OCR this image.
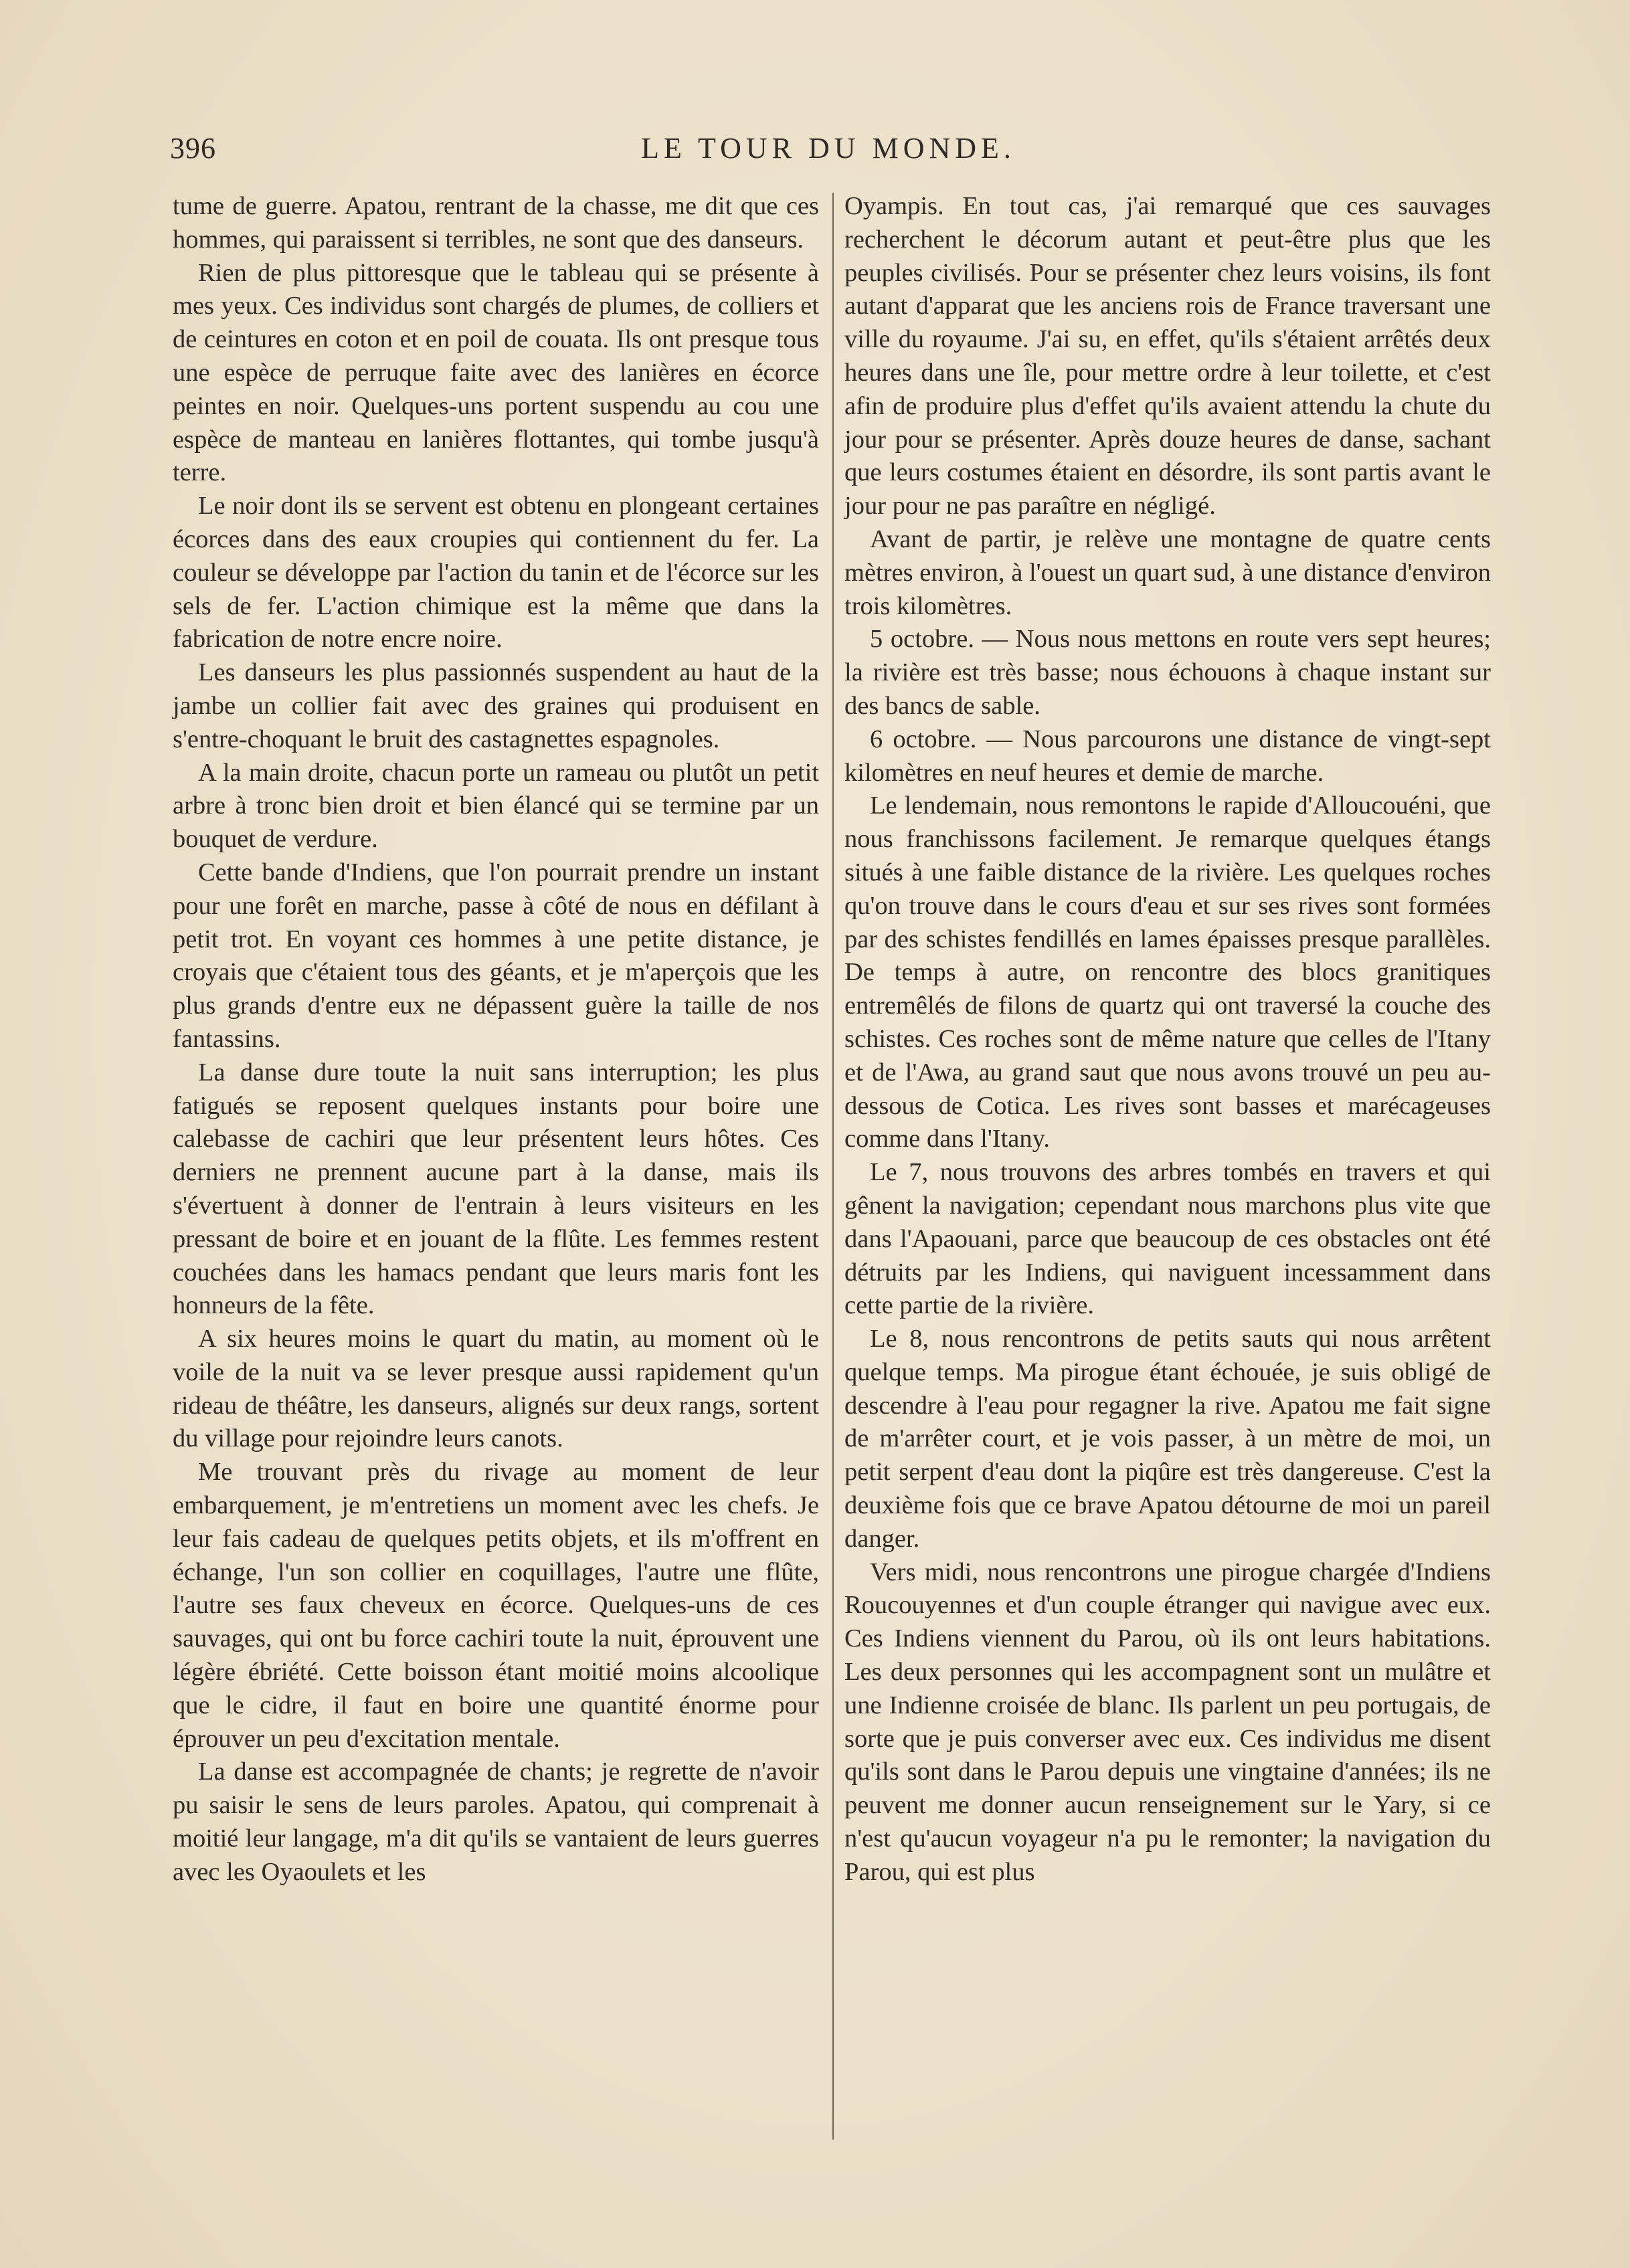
396	LE TOUR DU MONDE.

tume de guerre. Apatou, rentrant de la chasse, me dit que ces hommes, qui paraissent si terribles, ne sont que des danseurs.

Rien de plus pittoresque que le tableau qui se présente à mes yeux. Ces individus sont chargés de plumes, de colliers et de ceintures en coton et en poil de couata. Ils ont presque tous une espèce de perruque faite avec des lanières en écorce peintes en noir. Quelques-uns portent suspendu au cou une espèce de manteau en lanières flottantes, qui tombe jusqu'à terre.

Le noir dont ils se servent est obtenu en plongeant certaines écorces dans des eaux croupies qui contiennent du fer. La couleur se développe par l'action du tanin et de l'écorce sur les sels de fer. L'action chimique est la même que dans la fabrication de notre encre noire.

Les danseurs les plus passionnés suspendent au haut de la jambe un collier fait avec des graines qui produisent en s'entre-choquant le bruit des castagnettes espagnoles.

A la main droite, chacun porte un rameau ou plutôt un petit arbre à tronc bien droit et bien élancé qui se termine par un bouquet de verdure.

Cette bande d'Indiens, que l'on pourrait prendre un instant pour une forêt en marche, passe à côté de nous en défilant à petit trot. En voyant ces hommes à une petite distance, je croyais que c'étaient tous des géants, et je m'aperçois que les plus grands d'entre eux ne dépassent guère la taille de nos fantassins.

La danse dure toute la nuit sans interruption; les plus fatigués se reposent quelques instants pour boire une calebasse de cachiri que leur présentent leurs hôtes. Ces derniers ne prennent aucune part à la danse, mais ils s'évertuent à donner de l'entrain à leurs visiteurs en les pressant de boire et en jouant de la flûte. Les femmes restent couchées dans les hamacs pendant que leurs maris font les honneurs de la fête.

A six heures moins le quart du matin, au moment où le voile de la nuit va se lever presque aussi rapidement qu'un rideau de théâtre, les danseurs, alignés sur deux rangs, sortent du village pour rejoindre leurs canots.

Me trouvant près du rivage au moment de leur embarquement, je m'entretiens un moment avec les chefs. Je leur fais cadeau de quelques petits objets, et ils m'offrent en échange, l'un son collier en coquillages, l'autre une flûte, l'autre ses faux cheveux en écorce. Quelques-uns de ces sauvages, qui ont bu force cachiri toute la nuit, éprouvent une légère ébriété. Cette boisson étant moitié moins alcoolique que le cidre, il faut en boire une quantité énorme pour éprouver un peu d'excitation mentale.

La danse est accompagnée de chants; je regrette de n'avoir pu saisir le sens de leurs paroles. Apatou, qui comprenait à moitié leur langage, m'a dit qu'ils se vantaient de leurs guerres avec les Oyaoulets et les

Oyampis. En tout cas, j'ai remarqué que ces sauvages recherchent le décorum autant et peut-être plus que les peuples civilisés. Pour se présenter chez leurs voisins, ils font autant d'apparat que les anciens rois de France traversant une ville du royaume. J'ai su, en effet, qu'ils s'étaient arrêtés deux heures dans une île, pour mettre ordre à leur toilette, et c'est afin de produire plus d'effet qu'ils avaient attendu la chute du jour pour se présenter. Après douze heures de danse, sachant que leurs costumes étaient en désordre, ils sont partis avant le jour pour ne pas paraître en négligé.

Avant de partir, je relève une montagne de quatre cents mètres environ, à l'ouest un quart sud, à une distance d'environ trois kilomètres.

5 octobre. — Nous nous mettons en route vers sept heures; la rivière est très basse; nous échouons à chaque instant sur des bancs de sable.

6 octobre. — Nous parcourons une distance de vingt-sept kilomètres en neuf heures et demie de marche.

Le lendemain, nous remontons le rapide d'Alloucouéni, que nous franchissons facilement. Je remarque quelques étangs situés à une faible distance de la rivière. Les quelques roches qu'on trouve dans le cours d'eau et sur ses rives sont formées par des schistes fendillés en lames épaisses presque parallèles. De temps à autre, on rencontre des blocs granitiques entremêlés de filons de quartz qui ont traversé la couche des schistes. Ces roches sont de même nature que celles de l'Itany et de l'Awa, au grand saut que nous avons trouvé un peu au-dessous de Cotica. Les rives sont basses et marécageuses comme dans l'Itany.

Le 7, nous trouvons des arbres tombés en travers et qui gênent la navigation; cependant nous marchons plus vite que dans l'Apaouani, parce que beaucoup de ces obstacles ont été détruits par les Indiens, qui naviguent incessamment dans cette partie de la rivière.

Le 8, nous rencontrons de petits sauts qui nous arrêtent quelque temps. Ma pirogue étant échouée, je suis obligé de descendre à l'eau pour regagner la rive. Apatou me fait signe de m'arrêter court, et je vois passer, à un mètre de moi, un petit serpent d'eau dont la piqûre est très dangereuse. C'est la deuxième fois que ce brave Apatou détourne de moi un pareil danger.

Vers midi, nous rencontrons une pirogue chargée d'Indiens Roucouyennes et d'un couple étranger qui navigue avec eux. Ces Indiens viennent du Parou, où ils ont leurs habitations. Les deux personnes qui les accompagnent sont un mulâtre et une Indienne croisée de blanc. Ils parlent un peu portugais, de sorte que je puis converser avec eux. Ces individus me disent qu'ils sont dans le Parou depuis une vingtaine d'années; ils ne peuvent me donner aucun renseignement sur le Yary, si ce n'est qu'aucun voyageur n'a pu le remonter; la navigation du Parou, qui est plus
